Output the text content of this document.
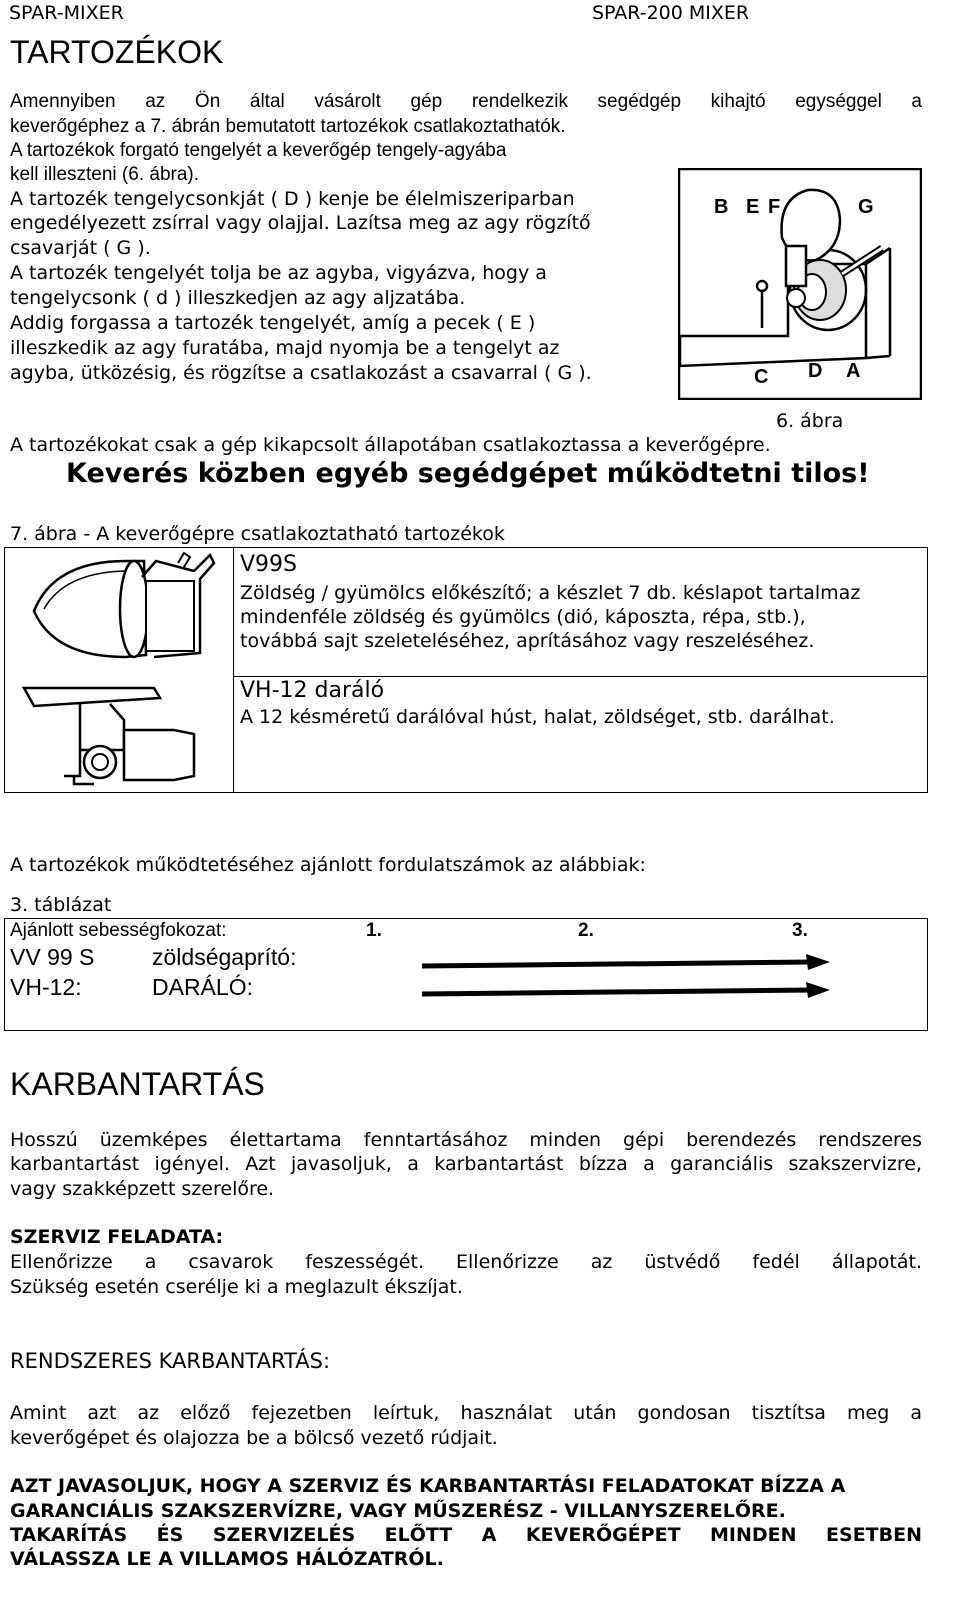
SPAR-MIXER	SPAR-200 MIXER
TARTOZÉKOK
Amennyiben az Ön által vásárolt gép rendelkezik segédgép kihajtó egységgel a
keverőgéphez a 7. ábrán bemutatott tartozékok csatlakoztathatók.
A tartozékok forgató tengelyét a keverőgép tengely-agyába
kell illeszteni (6. ábra).
A tartozék tengelycsonkját ( D ) kenje be élelmiszeriparban
engedélyezett zsírral vagy olajjal. Lazítsa meg az agy rögzítő
csavarját ( G ).
A tartozék tengelyét tolja be az agyba, vigyázva, hogy a
tengelycsonk ( d ) illeszkedjen az agy aljzatába.
Addig forgassa a tartozék tengelyét, amíg a pecek ( E )
illeszkedik az agy furatába, majd nyomja be a tengelyt az
agyba, ütközésig, és rögzítse a csatlakozást a csavarral ( G ).
B E F	G
C D A
6. ábra
A tartozékokat csak a gép kikapcsolt állapotában csatlakoztassa a keverőgépre.
Keverés közben egyéb segédgépet működtetni tilos!
7. ábra - A keverőgépre csatlakoztatható tartozékok
V99S
Zöldség / gyümölcs előkészítő; a készlet 7 db. késlapot tartalmaz
mindenféle zöldség és gyümölcs (dió, káposzta, répa, stb.),
továbbá sajt szeleteléséhez, aprításához vagy reszeléséhez.
VH-12 daráló
A 12 késméretű darálóval húst, halat, zöldséget, stb. darálhat.
A tartozékok működtetéséhez ajánlott fordulatszámok az alábbiak:
3. táblázat
Ajánlott sebességfokozat:	1.	2.	3.
VV 99 S	zöldségaprító:
VH-12:	DARÁLÓ:
KARBANTARTÁS
Hosszú üzemképes élettartama fenntartásához minden gépi berendezés rendszeres
karbantartást igényel. Azt javasoljuk, a karbantartást bízza a garanciális szakszervizre,
vagy szakképzett szerelőre.
SZERVIZ FELADATA:
Ellenőrizze a csavarok feszességét. Ellenőrizze az üstvédő fedél állapotát.
Szükség esetén cserélje ki a meglazult ékszíjat.
RENDSZERES KARBANTARTÁS:
Amint azt az előző fejezetben leírtuk, használat után gondosan tisztítsa meg a
keverőgépet és olajozza be a bölcső vezető rúdjait.
AZT JAVASOLJUK, HOGY A SZERVIZ ÉS KARBANTARTÁSI FELADATOKAT BÍZZA A
GARANCIÁLIS SZAKSZERVÍZRE, VAGY MŰSZERÉSZ - VILLANYSZERELŐRE.
TAKARÍTÁS ÉS SZERVIZELÉS ELŐTT A KEVERŐGÉPET MINDEN ESETBEN
VÁLASSZA LE A VILLAMOS HÁLÓZATRÓL.
